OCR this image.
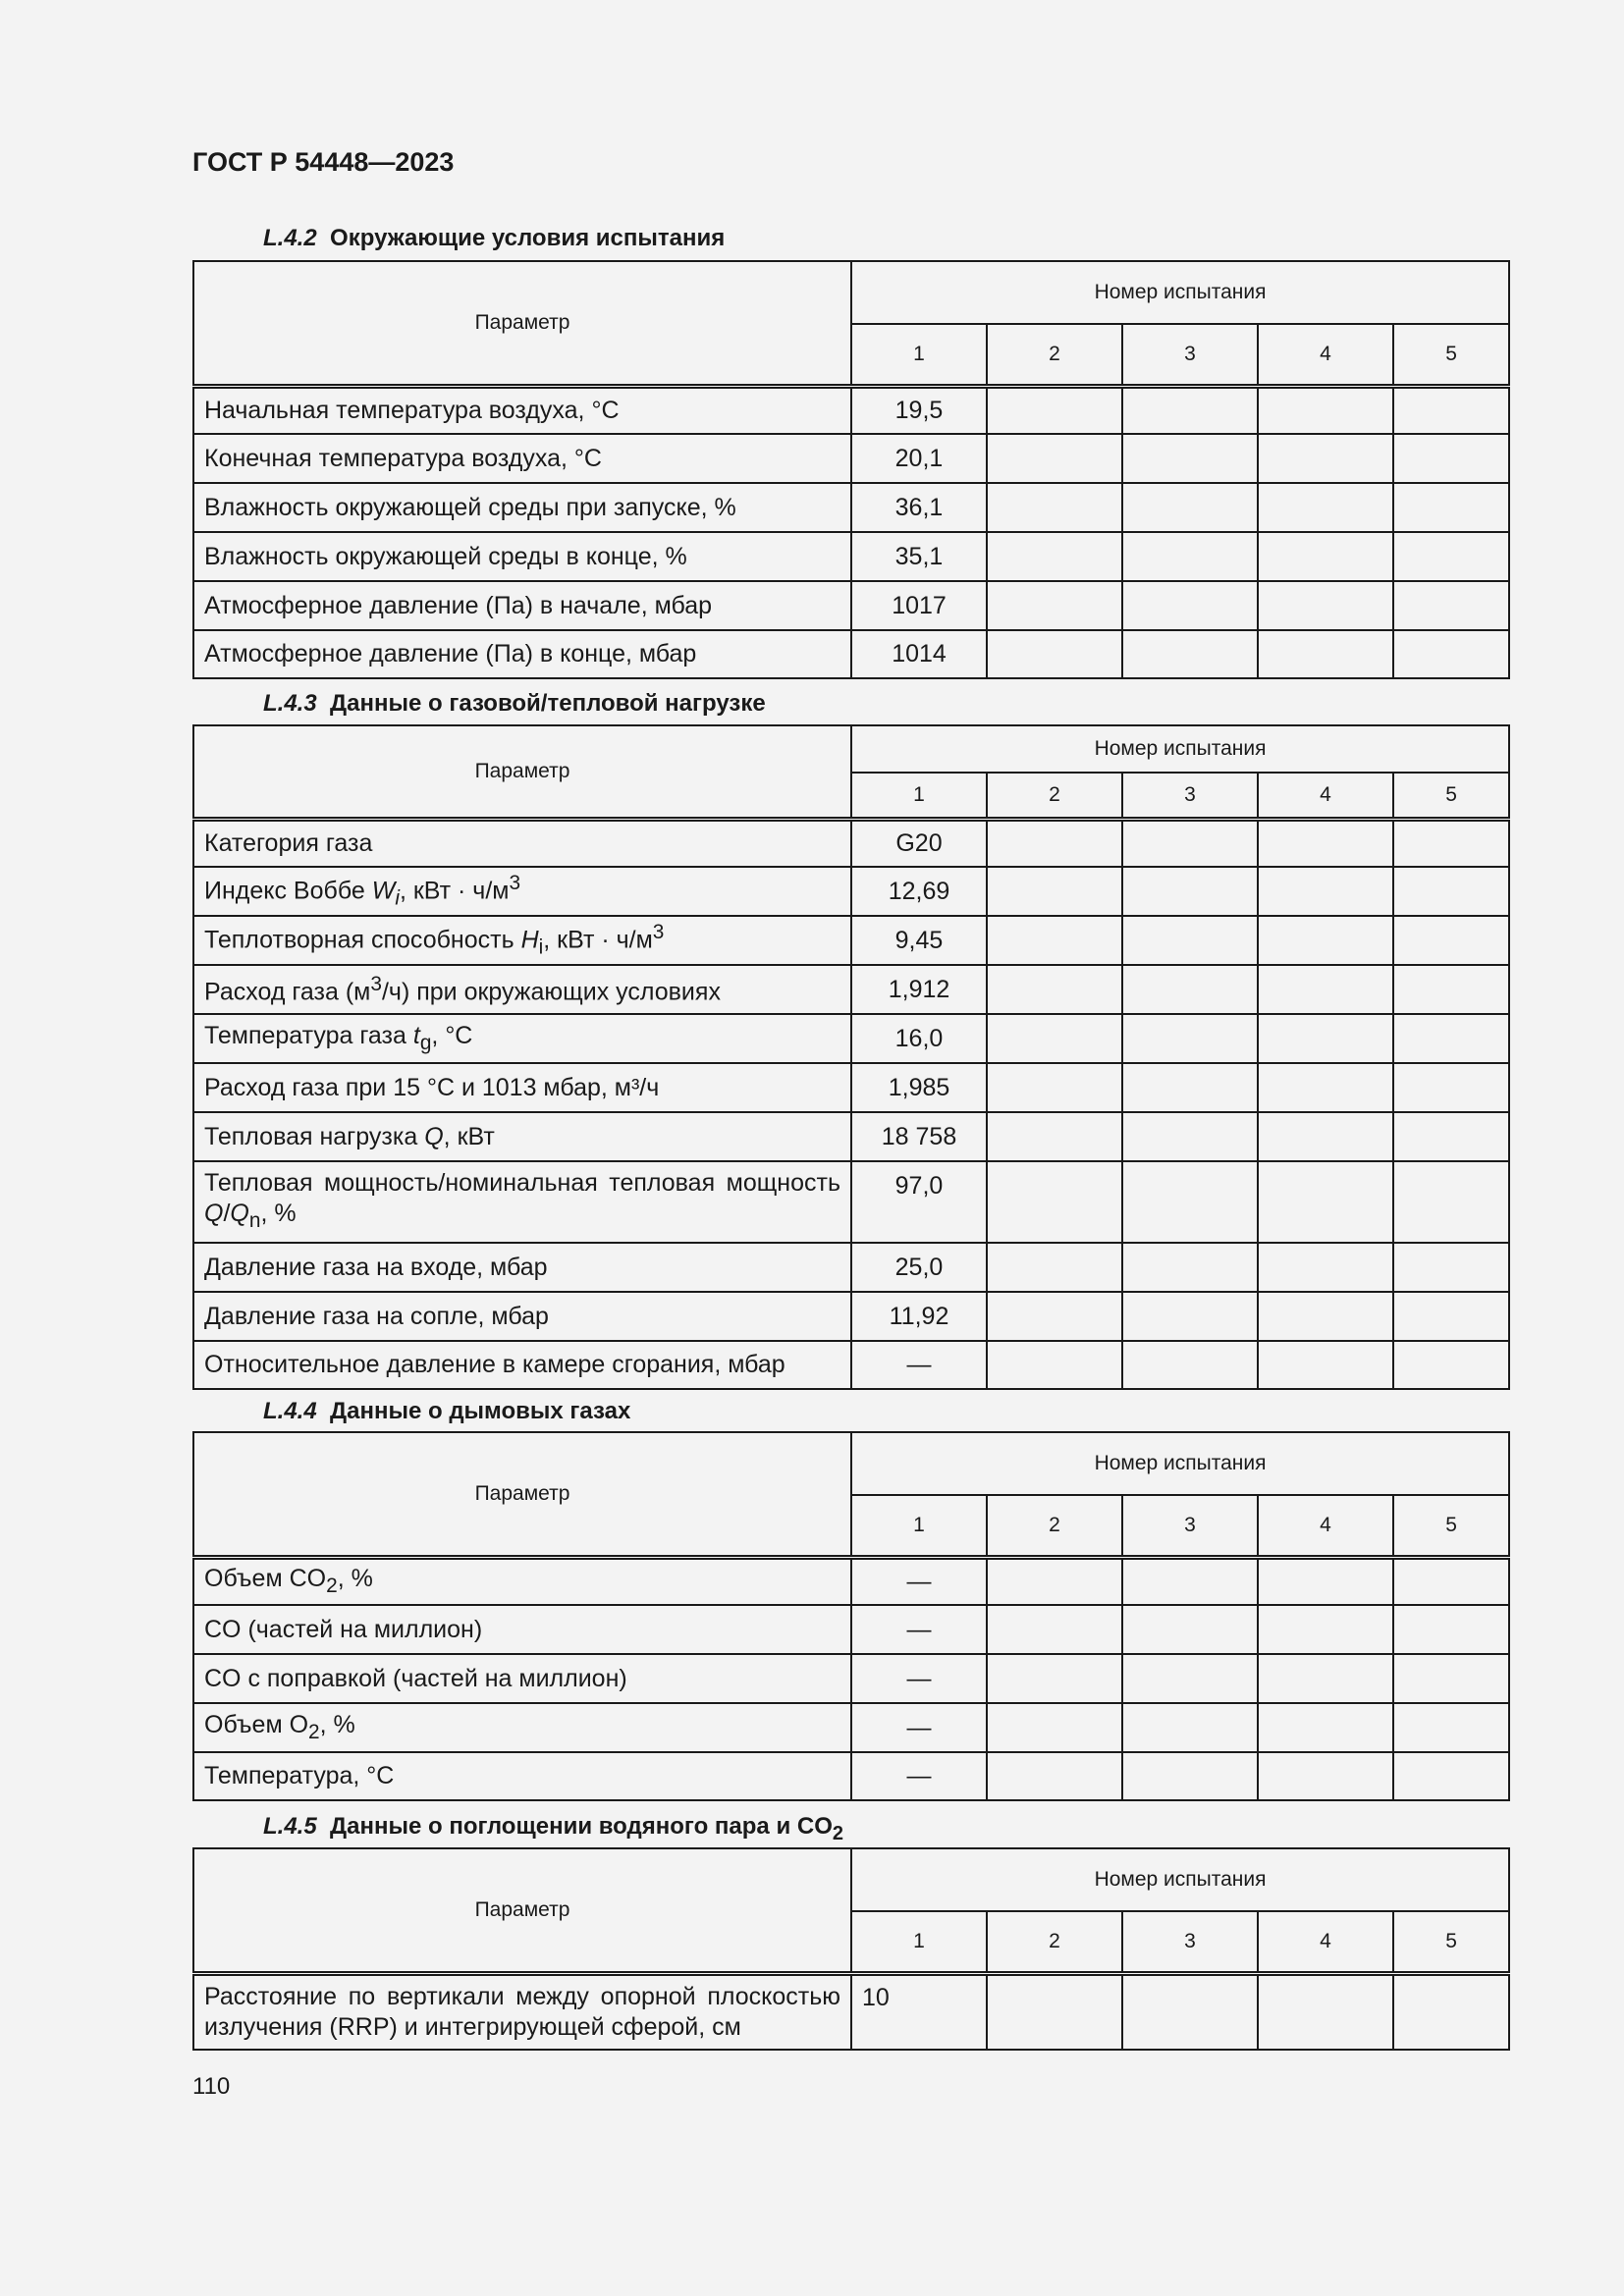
ГОСТ Р 54448—2023
L.4.2 Окружающие условия испытания
Параметр	Номер испытания				
	1	2	3	4	5
Начальная температура воздуха, °C	19,5				
Конечная температура воздуха, °C	20,1				
Влажность окружающей среды при запуске, %	36,1				
Влажность окружающей среды в конце, %	35,1				
Атмосферное давление (Па) в начале, мбар	1017				
Атмосферное давление (Па) в конце, мбар	1014				
L.4.3 Данные о газовой/тепловой нагрузке
Параметр	Номер испытания				
	1	2	3	4	5
Категория газа	G20				
Индекс Воббе $W_i$, кВт · $ч/м^3$	12,69				
Теплотворная способность $H_i$, кВт · $ч/м^3$	9,45				
Расход газа $(м^3/ч)$ при окружающих условиях	1,912				
Температура газа $t_g$, °C	16,0				
Расход газа при 15 °C и 1013 мбар, м³/ч	1,985				
Тепловая нагрузка Q, кВт	18 758				
Тепловая мощность/номинальная тепловая мощность $Q/Q_n$, %	97,0				
Давление газа на входе, мбар	25,0				
Давление газа на сопле, мбар	11,92				
Относительное давление в камере сгорания, мбар	—				
L.4.4 Данные о дымовых газах
Параметр	Номер испытания				
	1	2	3	4	5
Объем $CO_2$, %	—				
CO (частей на миллион)	—				
CO с поправкой (частей на миллион)	—				
Объем $O_2$, %	—				
Температура, °C	—				
L.4.5 Данные о поглощении водяного пара и $CO_2$
Параметр	Номер испытания				
	1	2	3	4	5
Расстояние по вертикали между опорной плоскостью излучения (RRP) и интегрирующей сферой, см	10				
110
